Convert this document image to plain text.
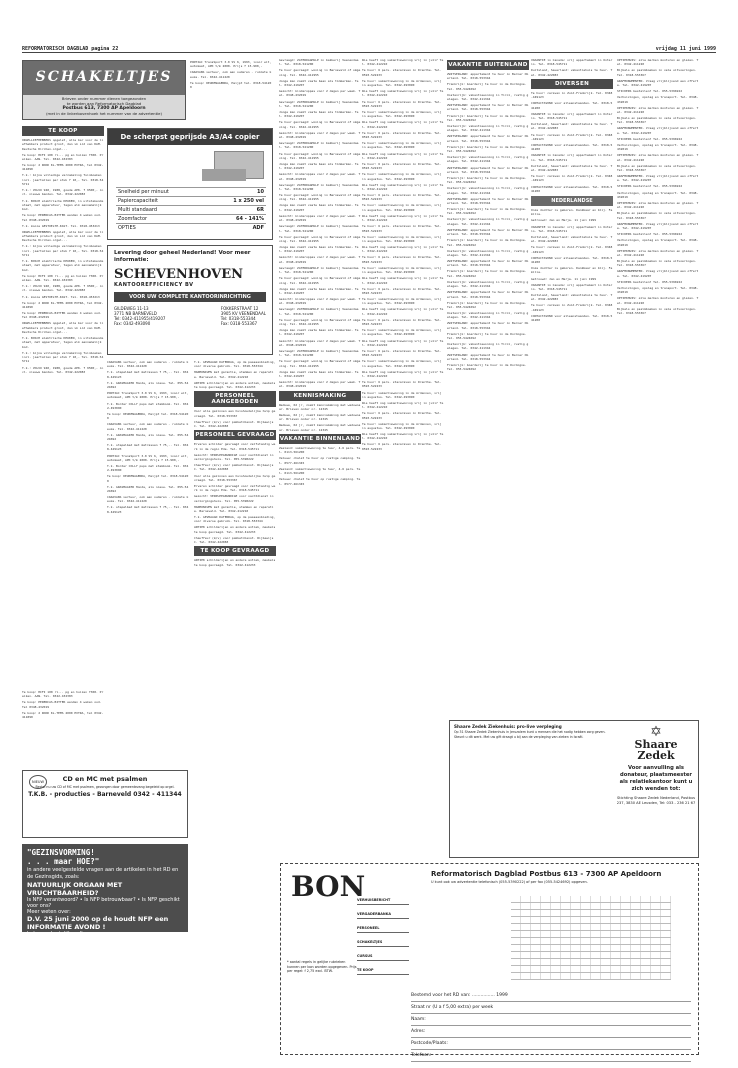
REFORMATORISCH DAGBLAD pagina 22	vrijdag 11 juni 1999
SCHAKELTJES
Brieven onder nummer dienen toegezonden
te worden aan Reformatorisch Dagblad
Postbus 613, 7300 AP Apeldoorn
(met in de linkerbovenhoek het nummer van de advertentie)
TE KOOP

ORGELLIEFHEBBERS opgelet, alle bar voor de liefhebbers product groot, dan vk Lid van KAM. Deutsche Kirchen-orgel...

Te koop: HIFI 100 rl... pg en huizen f300. Pr eiken. AAN. Tel. 0342-432383

Te koop: 2 ROOD KL-TEMS 2000 EXTRA, tel 0342-411890

T.k.: bijna volledige verzameling Tuinboeken incl. jaartallen per stuk f 10,- Tel. 0318-545711

T.k.: VOLVO 940, 1988, goede APK. f 9500,- incl. nieuwe banden. Tel. 0342-422083

T.k. BOSCH elektrische KEUKEN, in uitstekende staat, met apparatuur, tegen elk aannemelijk bod.

Te koop: PERENCAS-BITTER eenden 4 weken oud. Tel 0348-432019

T.k. mooie GESTOELTE-KAST. Tel. 0318-453213

ORGELLIEFHEBBERS opgelet, alle bar voor de liefhebbers product groot, dan vk Lid van KAM. Deutsche Kirchen-orgel...

T.k.: bijna volledige verzameling Tuinboeken incl. jaartallen per stuk f 10,- Tel. 0318-545711

T.k. BOSCH elektrische KEUKEN, in uitstekende staat, met apparatuur, tegen elk aannemelijk bod.

Te koop: HIFI 100 rl... pg en huizen f300. Pr eiken. AAN. Tel. 0342-432383

T.k.: VOLVO 940, 1988, goede APK. f 9500,- incl. nieuwe banden. Tel. 0342-422083

T.k. mooie GESTOELTE-KAST. Tel. 0318-453213

Te koop: 2 ROOD KL-TEMS 2000 EXTRA, tel 0342-411890

Te koop: PERENCAS-BITTER eenden 4 weken oud. Tel 0348-432019

ORGELLIEFHEBBERS opgelet, alle bar voor de liefhebbers product groot, dan vk Lid van KAM. Deutsche Kirchen-orgel...

T.k. BOSCH elektrische KEUKEN, in uitstekende staat, met apparatuur, tegen elk aannemelijk bod.

T.k.: bijna volledige verzameling Tuinboeken incl. jaartallen per stuk f 10,- Tel. 0318-545711

T.k.: VOLVO 940, 1988, goede APK. f 9500,- incl. nieuwe banden. Tel. 0342-422083

PONTIAC TransSport 3.0 SV 6, 1993, ivoor wit, automaat, APK t/m 2000. Prijs f 15.900,-

CARAVANS verhuur, ook aan ouderen - ruimste keuze. Tel. 0342-411220

Te koop: KEUKENAGENDA, Heijpt tel. 0318-541200

De scherpst geprijsde A3/A4 copier
Snelheid per minuut	10
Papiercapaciteit	1 x 250 vel
Multi standaard	6R
Zoomfactor	64 - 141%
OPTIES	ADF
Levering door geheel Nederland! Voor meer informatie:
SCHEVENHOVEN
KANTOOREFFICIENCY BV
VOOR UW COMPLETE KANTOORINRICHTING
GILDEWEG 11-13
3771 NB BARNEVELD
Tel: 0342-411955/419207
Fax: 0342-493090
FOKKERSTRAAT 12
3905 KV VEENENDAAL
Tel: 0318-553344
Fax: 0318-553367

CARAVANS verhuur, ook aan ouderen - ruimste keuze. Tel. 0342-411220

T.k. stapelbed met matrassen f 75,-. Tel. 0348-449123

T.k. GRASMAAIER Honda, als nieuw. Tel. 055-5424692

PONTIAC TransSport 3.0 SV 6, 1993, ivoor wit, automaat, APK t/m 2000. Prijs f 15.900,-

T.k. Border COLLY pups met stamboom. Tel. 0342-493090

Te koop: KEUKENAGENDA, Heijpt tel. 0318-541200

CARAVANS verhuur, ook aan ouderen - ruimste keuze. Tel. 0342-411220

T.k. GRASMAAIER Honda, als nieuw. Tel. 055-5424692

T.k. stapelbed met matrassen f 75,-. Tel. 0348-449123

PONTIAC TransSport 3.0 SV 6, 1993, ivoor wit, automaat, APK t/m 2000. Prijs f 15.900,-

T.k. Border COLLY pups met stamboom. Tel. 0342-493090

Te koop: KEUKENAGENDA, Heijpt tel. 0318-541200

T.k. GRASMAAIER Honda, als nieuw. Tel. 055-5424692

CARAVANS verhuur, ook aan ouderen - ruimste keuze. Tel. 0342-411220

T.k. stapelbed met matrassen f 75,-. Tel. 0348-449123

Te koop: HIFI 100 rl... pg en huizen f300. Pr eiken. AAN. Tel. 0342-432383

Te koop: PERENCAS-BITTER eenden 4 weken oud. Tel 0348-432019

Te koop: 2 ROOD KL-TEMS 2000 EXTRA, tel 0342-411890

NIEUW	CD en MC met psalmen
Bestel nu uw CD of MC met psalmen, gezongen door gemeentezang begeleid op orgel.
T.K.B. - producties - Barneveld 0342 - 411344
"GEZINSVORMING!
. . . maar HOE?"
in andere veelgestelde vragen aan de artikelen in het RD en de Gezinsgids, zoals:
NATUURLIJK ORGAAN MET VRUCHTBAARHEID?
Is NFP verantwoord? • Is NFP betrouwbaar? • Is NFP geschikt voor ons?
Meer weten over:
D.V. 25 juni 2000 op de houdt NFP een INFORMATIE AVOND !
Iedereen hartelijk welkom

T.k. GEVRAAGD DATENDAG, op de paasaanbieding, voor diverse gebruik. Tel. 0318-553344

HARMONIUMS met garantie, stemmen en reparatie. Barneveld. Tel. 0342-412210

ANTIEK schilderijen en andere antiek, meubels te koop gevraagd. Tel. 0342-412233

PERSONEEL AANGEBODEN

Voor alle gezinnen een huishoudelijke hulp gevraagd. Tel. 0318-553367

Chauffeur (m/v) voor pakketdienst. Rijbewijs C. Tel. 0342-422083

PERSONEEL GEVRAAGD

Ervaren schilder gevraagd voor zelfstandig werk in de regio Ede. Tel. 0318-545711

Gezocht: VERPLEEGKUNDIGE voor nachtdienst in verzorgingshuis. Tel. 055-5390222

Chauffeur (m/v) voor pakketdienst. Rijbewijs C. Tel. 0342-422083

Voor alle gezinnen een huishoudelijke hulp gevraagd. Tel. 0318-553367

Ervaren schilder gevraagd voor zelfstandig werk in de regio Ede. Tel. 0318-545711

Gezocht: VERPLEEGKUNDIGE voor nachtdienst in verzorgingshuis. Tel. 055-5390222

HARMONIUMS met garantie, stemmen en reparatie. Barneveld. Tel. 0342-412210

T.k. GEVRAAGD DATENDAG, op de paasaanbieding, voor diverse gebruik. Tel. 0318-553344

ANTIEK schilderijen en andere antiek, meubels te koop gevraagd. Tel. 0342-412233

Chauffeur (m/v) voor pakketdienst. Rijbewijs C. Tel. 0342-422083

TE KOOP GEVRAAGD

ANTIEK schilderijen en andere antiek, meubels te koop gevraagd. Tel. 0342-412233

Gevraagd: ZATERDAGHULP in bakkerij Veenendaal. Tel. 0318-541200

Te huur gevraagd: woning in Barneveld of omgeving. Tel. 0342-411955

Jonge man zoekt vaste baan als timmerman. Tel. 0342-419207

Gezocht: kinderoppas voor 2 dagen per week. Tel. 0348-432019

Gevraagd: ZATERDAGHULP in bakkerij Veenendaal. Tel. 0318-541200

Jonge man zoekt vaste baan als timmerman. Tel. 0342-419207

Te huur gevraagd: woning in Barneveld of omgeving. Tel. 0342-411955

Gezocht: kinderoppas voor 2 dagen per week. Tel. 0348-432019

Gevraagd: ZATERDAGHULP in bakkerij Veenendaal. Tel. 0318-541200

Te huur gevraagd: woning in Barneveld of omgeving. Tel. 0342-411955

Jonge man zoekt vaste baan als timmerman. Tel. 0342-419207

Gezocht: kinderoppas voor 2 dagen per week. Tel. 0348-432019

Gevraagd: ZATERDAGHULP in bakkerij Veenendaal. Tel. 0318-541200

Te huur gevraagd: woning in Barneveld of omgeving. Tel. 0342-411955

Jonge man zoekt vaste baan als timmerman. Tel. 0342-419207

Gezocht: kinderoppas voor 2 dagen per week. Tel. 0348-432019

Gevraagd: ZATERDAGHULP in bakkerij Veenendaal. Tel. 0318-541200

Te huur gevraagd: woning in Barneveld of omgeving. Tel. 0342-411955

Jonge man zoekt vaste baan als timmerman. Tel. 0342-419207

Gezocht: kinderoppas voor 2 dagen per week. Tel. 0348-432019

Gevraagd: ZATERDAGHULP in bakkerij Veenendaal. Tel. 0318-541200

Te huur gevraagd: woning in Barneveld of omgeving. Tel. 0342-411955

Jonge man zoekt vaste baan als timmerman. Tel. 0342-419207

Gezocht: kinderoppas voor 2 dagen per week. Tel. 0348-432019

Gevraagd: ZATERDAGHULP in bakkerij Veenendaal. Tel. 0318-541200

Te huur gevraagd: woning in Barneveld of omgeving. Tel. 0342-411955

Jonge man zoekt vaste baan als timmerman. Tel. 0342-419207

Gezocht: kinderoppas voor 2 dagen per week. Tel. 0348-432019

Gevraagd: ZATERDAGHULP in bakkerij Veenendaal. Tel. 0318-541200

Te huur gevraagd: woning in Barneveld of omgeving. Tel. 0342-411955

Jonge man zoekt vaste baan als timmerman. Tel. 0342-419207

Gezocht: kinderoppas voor 2 dagen per week. Tel. 0348-432019

KENNISMAKING

Weduwe, 62 jr, zoekt kennismaking met weduwnaar. Brieven onder nr. 12345

Weduwe, 62 jr, zoekt kennismaking met weduwnaar. Brieven onder nr. 12345

Weduwe, 62 jr, zoekt kennismaking met weduwnaar. Brieven onder nr. 12345

VAKANTIE BINNENLAND

Zeeland: vakantiewoning te huur, 4-6 pers. Tel. 0113-561200

Veluwe: chalet te huur op rustige camping. Tel. 0577-461345

Zeeland: vakantiewoning te huur, 4-6 pers. Tel. 0113-561200

Veluwe: chalet te huur op rustige camping. Tel. 0577-461345

Wie heeft nog vakantiewoning vrij in juli? Tel. 0342-412210

Te huur: 6 pers. stacaravan in Drenthe. Tel. 0593-522233

Te huur: vakantiewoning in de Ardennen, vrij in augustus. Tel. 0342-493090

Wie heeft nog vakantiewoning vrij in juli? Tel. 0342-412210

Te huur: 6 pers. stacaravan in Drenthe. Tel. 0593-522233

Te huur: vakantiewoning in de Ardennen, vrij in augustus. Tel. 0342-493090

Wie heeft nog vakantiewoning vrij in juli? Tel. 0342-412210

Te huur: 6 pers. stacaravan in Drenthe. Tel. 0593-522233

Te huur: vakantiewoning in de Ardennen, vrij in augustus. Tel. 0342-493090

Wie heeft nog vakantiewoning vrij in juli? Tel. 0342-412210

Te huur: 6 pers. stacaravan in Drenthe. Tel. 0593-522233

Te huur: vakantiewoning in de Ardennen, vrij in augustus. Tel. 0342-493090

Wie heeft nog vakantiewoning vrij in juli? Tel. 0342-412210

Te huur: 6 pers. stacaravan in Drenthe. Tel. 0593-522233

Te huur: vakantiewoning in de Ardennen, vrij in augustus. Tel. 0342-493090

Wie heeft nog vakantiewoning vrij in juli? Tel. 0342-412210

Te huur: 6 pers. stacaravan in Drenthe. Tel. 0593-522233

Te huur: vakantiewoning in de Ardennen, vrij in augustus. Tel. 0342-493090

Wie heeft nog vakantiewoning vrij in juli? Tel. 0342-412210

Te huur: 6 pers. stacaravan in Drenthe. Tel. 0593-522233

Te huur: vakantiewoning in de Ardennen, vrij in augustus. Tel. 0342-493090

Wie heeft nog vakantiewoning vrij in juli? Tel. 0342-412210

Te huur: 6 pers. stacaravan in Drenthe. Tel. 0593-522233

Te huur: vakantiewoning in de Ardennen, vrij in augustus. Tel. 0342-493090

Wie heeft nog vakantiewoning vrij in juli? Tel. 0342-412210

Te huur: 6 pers. stacaravan in Drenthe. Tel. 0593-522233

Te huur: vakantiewoning in de Ardennen, vrij in augustus. Tel. 0342-493090

Wie heeft nog vakantiewoning vrij in juli? Tel. 0342-412210

Te huur: 6 pers. stacaravan in Drenthe. Tel. 0593-522233

Te huur: vakantiewoning in de Ardennen, vrij in augustus. Tel. 0342-493090

Wie heeft nog vakantiewoning vrij in juli? Tel. 0342-412210

Te huur: 6 pers. stacaravan in Drenthe. Tel. 0593-522233

Te huur: vakantiewoning in de Ardennen, vrij in augustus. Tel. 0342-493090

Wie heeft nog vakantiewoning vrij in juli? Tel. 0342-412210

Te huur: 6 pers. stacaravan in Drenthe. Tel. 0593-522233

Te huur: vakantiewoning in de Ardennen, vrij in augustus. Tel. 0342-493090

Wie heeft nog vakantiewoning vrij in juli? Tel. 0342-412210

Te huur: 6 pers. stacaravan in Drenthe. Tel. 0593-522233

VAKANTIE BUITENLAND

ZWITSERLAND: appartement te huur in Berner Oberland. Tel. 0318-553344

Frankrijk: boerderij te huur in de Dordogne. Tel. 055-5424692

Oostenrijk: vakantiewoning in Tirol, rustig gelegen. Tel. 0342-411344

ZWITSERLAND: appartement te huur in Berner Oberland. Tel. 0318-553344

Frankrijk: boerderij te huur in de Dordogne. Tel. 055-5424692

Oostenrijk: vakantiewoning in Tirol, rustig gelegen. Tel. 0342-411344

ZWITSERLAND: appartement te huur in Berner Oberland. Tel. 0318-553344

Frankrijk: boerderij te huur in de Dordogne. Tel. 055-5424692

Oostenrijk: vakantiewoning in Tirol, rustig gelegen. Tel. 0342-411344

ZWITSERLAND: appartement te huur in Berner Oberland. Tel. 0318-553344

Frankrijk: boerderij te huur in de Dordogne. Tel. 055-5424692

Oostenrijk: vakantiewoning in Tirol, rustig gelegen. Tel. 0342-411344

ZWITSERLAND: appartement te huur in Berner Oberland. Tel. 0318-553344

Frankrijk: boerderij te huur in de Dordogne. Tel. 055-5424692

Oostenrijk: vakantiewoning in Tirol, rustig gelegen. Tel. 0342-411344

ZWITSERLAND: appartement te huur in Berner Oberland. Tel. 0318-553344

Frankrijk: boerderij te huur in de Dordogne. Tel. 055-5424692

Oostenrijk: vakantiewoning in Tirol, rustig gelegen. Tel. 0342-411344

ZWITSERLAND: appartement te huur in Berner Oberland. Tel. 0318-553344

Frankrijk: boerderij te huur in de Dordogne. Tel. 055-5424692

Oostenrijk: vakantiewoning in Tirol, rustig gelegen. Tel. 0342-411344

ZWITSERLAND: appartement te huur in Berner Oberland. Tel. 0318-553344

Frankrijk: boerderij te huur in de Dordogne. Tel. 055-5424692

Oostenrijk: vakantiewoning in Tirol, rustig gelegen. Tel. 0342-411344

ZWITSERLAND: appartement te huur in Berner Oberland. Tel. 0318-553344

Frankrijk: boerderij te huur in de Dordogne. Tel. 055-5424692

Oostenrijk: vakantiewoning in Tirol, rustig gelegen. Tel. 0342-411344

ZWITSERLAND: appartement te huur in Berner Oberland. Tel. 0318-553344

Frankrijk: boerderij te huur in de Dordogne. Tel. 055-5424692

VAKANTIE in Canada: vrij appartement in Ontario. Tel. 0318-545711

Duitsland, Sauerland: vakantiehuis te huur. Tel. 0342-422083

DIVERSEN

Te huur: caravan in Zuid-Frankrijk. Tel. 0348-449123

CONTACTAVOND voor alleenstaanden. Tel. 0318-541200

VAKANTIE in Canada: vrij appartement in Ontario. Tel. 0318-545711

Duitsland, Sauerland: vakantiehuis te huur. Tel. 0342-422083

Te huur: caravan in Zuid-Frankrijk. Tel. 0348-449123

CONTACTAVOND voor alleenstaanden. Tel. 0318-541200

VAKANTIE in Canada: vrij appartement in Ontario. Tel. 0318-545711

Duitsland, Sauerland: vakantiehuis te huur. Tel. 0342-422083

Te huur: caravan in Zuid-Frankrijk. Tel. 0348-449123

CONTACTAVOND voor alleenstaanden. Tel. 0318-541200

NEDERLANDSE

Onze dochter is geboren. Dankbaar en blij. Familie.

Getrouwd: Jan en Marja. 11 juni 1999

VAKANTIE in Canada: vrij appartement in Ontario. Tel. 0318-545711

Duitsland, Sauerland: vakantiehuis te huur. Tel. 0342-422083

Te huur: caravan in Zuid-Frankrijk. Tel. 0348-449123

CONTACTAVOND voor alleenstaanden. Tel. 0318-541200

Onze dochter is geboren. Dankbaar en blij. Familie.

Getrouwd: Jan en Marja. 11 juni 1999

VAKANTIE in Canada: vrij appartement in Ontario. Tel. 0318-545711

Duitsland, Sauerland: vakantiehuis te huur. Tel. 0342-422083

Te huur: caravan in Zuid-Frankrijk. Tel. 0348-449123

CONTACTAVOND voor alleenstaanden. Tel. 0318-541200

OPTIEKHUIS: alle merken monturen en glazen. Tel. 0342-411220

Bijbels en psalmboeken in vele uitvoeringen. Tel. 0318-553367

GRAFMONUMENTEN. Vraag vrijblijvend een offerte. Tel. 0342-419207

STICKERS bestellen? Tel. 055-5390222

Verhuizingen, opslag en transport. Tel. 0348-432019

OPTIEKHUIS: alle merken monturen en glazen. Tel. 0342-411220

Bijbels en psalmboeken in vele uitvoeringen. Tel. 0318-553367

GRAFMONUMENTEN. Vraag vrijblijvend een offerte. Tel. 0342-419207

STICKERS bestellen? Tel. 055-5390222

Verhuizingen, opslag en transport. Tel. 0348-432019

OPTIEKHUIS: alle merken monturen en glazen. Tel. 0342-411220

Bijbels en psalmboeken in vele uitvoeringen. Tel. 0318-553367

GRAFMONUMENTEN. Vraag vrijblijvend een offerte. Tel. 0342-419207

STICKERS bestellen? Tel. 055-5390222

Verhuizingen, opslag en transport. Tel. 0348-432019

OPTIEKHUIS: alle merken monturen en glazen. Tel. 0342-411220

Bijbels en psalmboeken in vele uitvoeringen. Tel. 0318-553367

GRAFMONUMENTEN. Vraag vrijblijvend een offerte. Tel. 0342-419207

STICKERS bestellen? Tel. 055-5390222

Verhuizingen, opslag en transport. Tel. 0348-432019

OPTIEKHUIS: alle merken monturen en glazen. Tel. 0342-411220

Bijbels en psalmboeken in vele uitvoeringen. Tel. 0318-553367

GRAFMONUMENTEN. Vraag vrijblijvend een offerte. Tel. 0342-419207

STICKERS bestellen? Tel. 055-5390222

Verhuizingen, opslag en transport. Tel. 0348-432019

OPTIEKHUIS: alle merken monturen en glazen. Tel. 0342-411220

Bijbels en psalmboeken in vele uitvoeringen. Tel. 0318-553367

Shaare Zedek Ziekenhuis: pro-live verpleging
Op 31 Shaare Zedek Ziekenhuis in Jeruzalem kunt u mensen die het nodig hebben zorg geven. Steunt u dit werk. Met uw gift draagt u bij aan de verpleging van zieken in Israël.	✡
Shaare Zedek
Voor aanvulling als donateur, plaatsmeester als relatiekantoor kunt u zich wenden tot:
Stichting Shaare Zedek Nederland, Postbus 237, 3830 AE Leusden, Tel: 033 - 236 21 67
BON	Reformatorisch Dagblad Postbus 613 - 7300 AP Apeldoorn
U kunt ook uw advertentie telefonisch (055-5390222) of per fax (055-5424692) opgeven.
VERHUISBERICHT
VERGADERBANKA
PERSONEEL
SCHAKELTJES
CURSUS
TE KOOP
* aantal regels in gelijke rubrieken kunnen per bon worden opgegeven. Prijs per regel: f 2,75 excl. BTW.
Bestemd voor het RD van: ................ 1999
Straat nr (U a f 5,00 extra) per week
Naam:
Adres:
Postcode/Plaats:
Telefoon:
